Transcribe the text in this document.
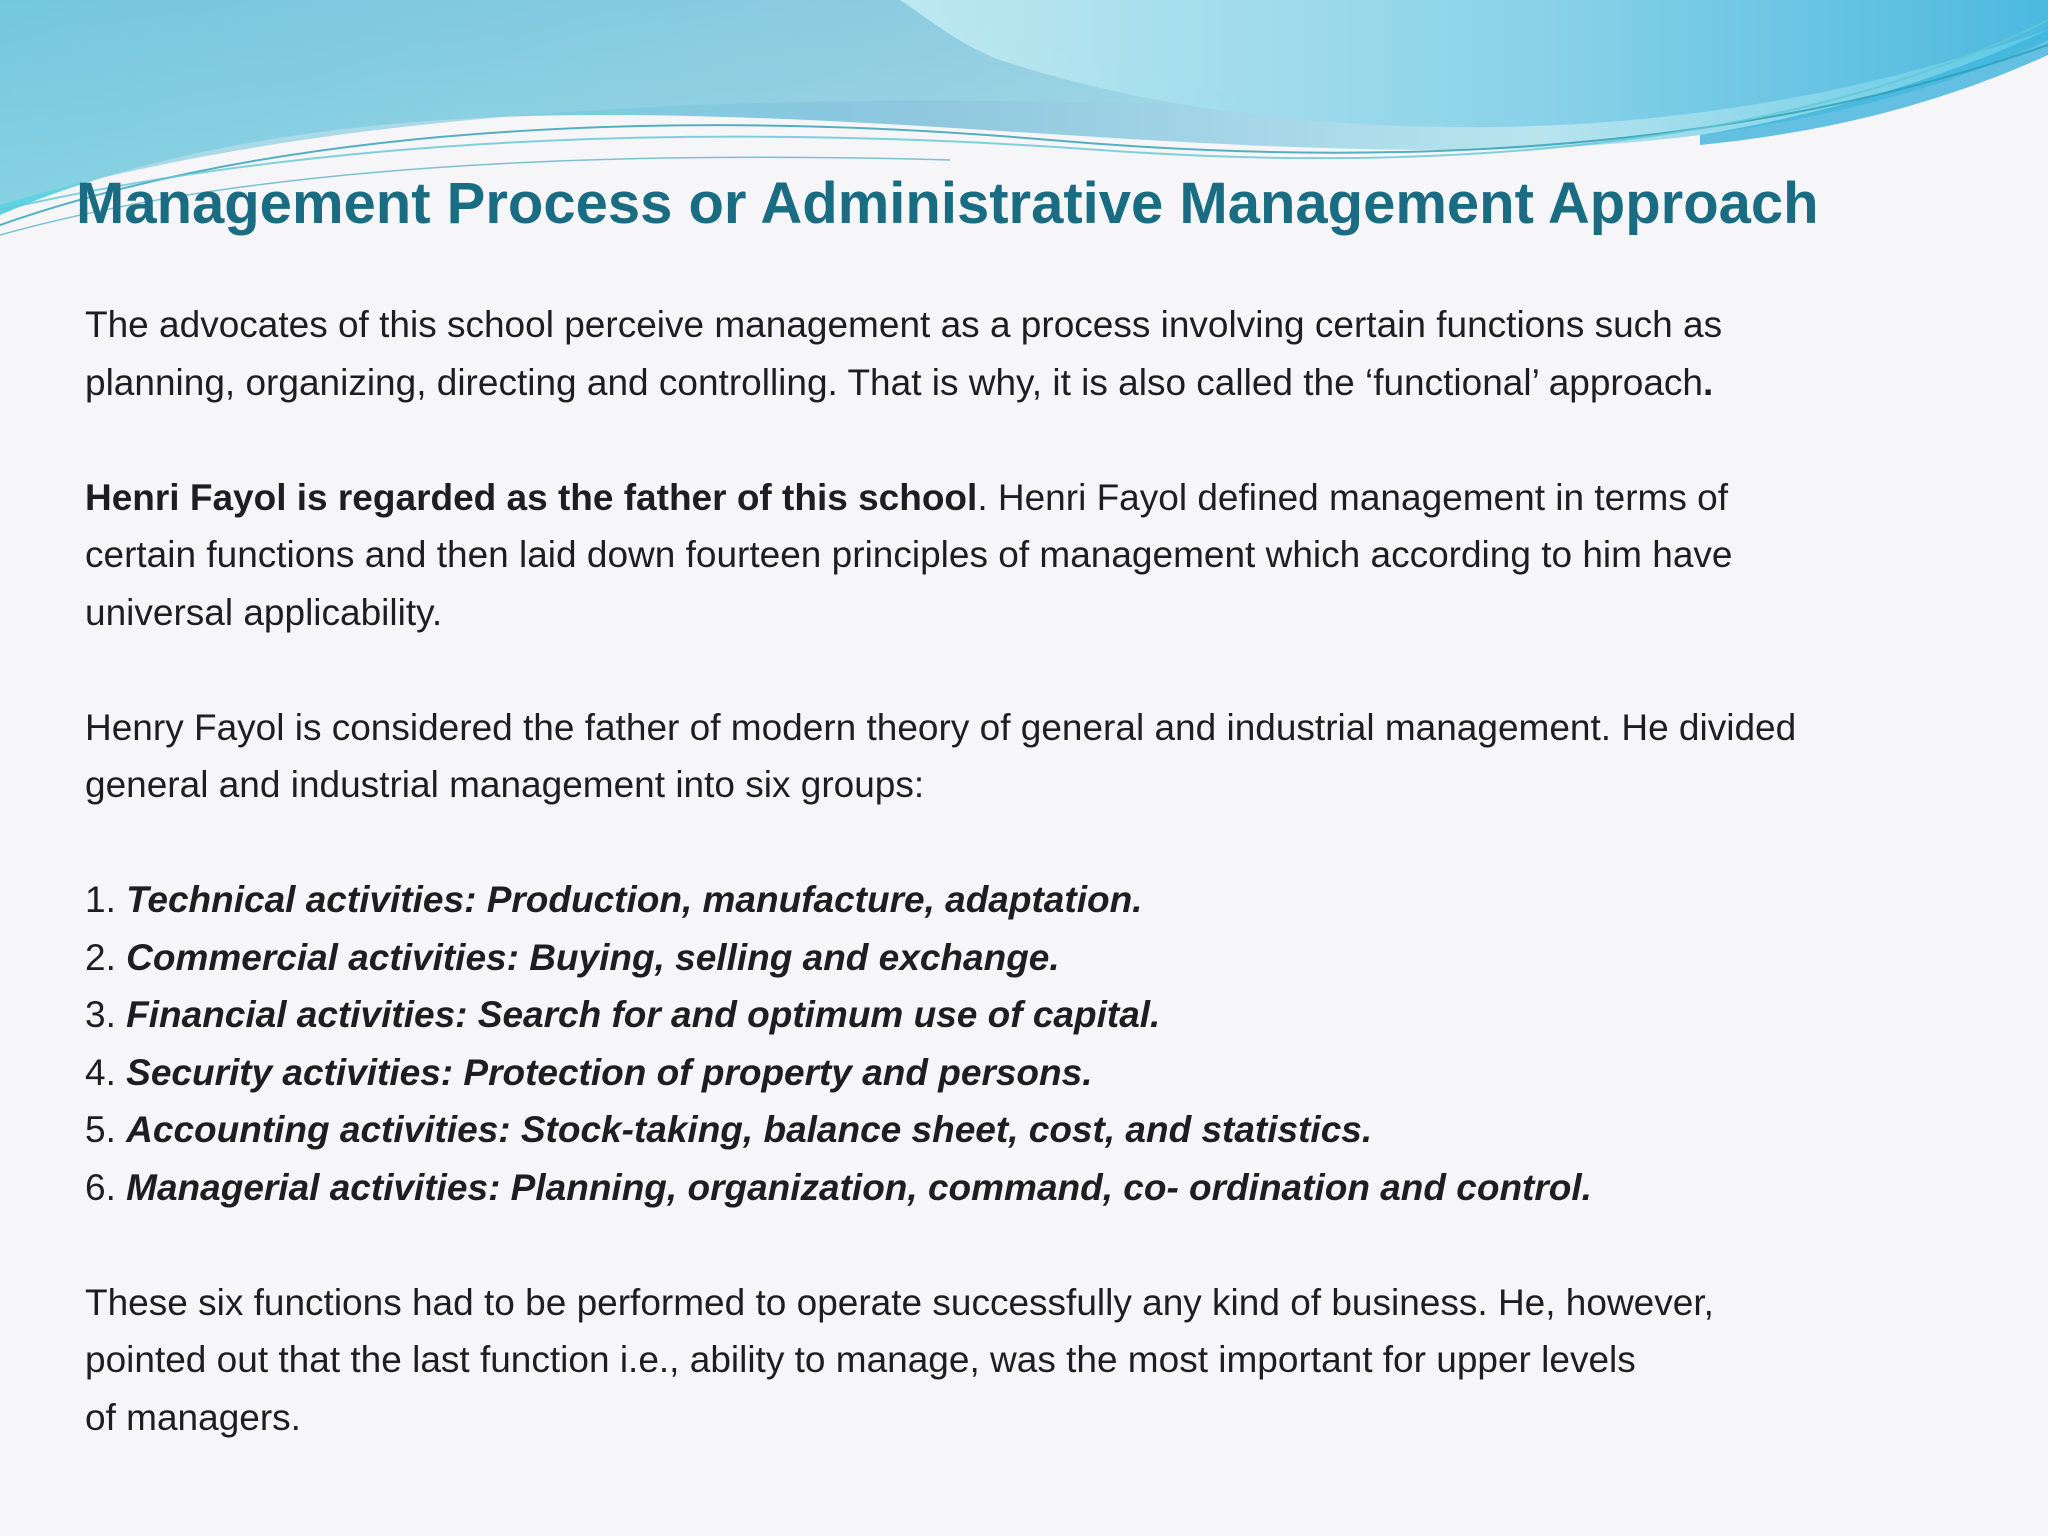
Management Process or Administrative Management Approach

The advocates of this school perceive management as a process involving certain functions such as

planning, organizing, directing and controlling. That is why, it is also called the ‘functional’ approach.

Henri Fayol is regarded as the father of this school. Henri Fayol defined management in terms of

certain functions and then laid down fourteen principles of management which according to him have

universal applicability.

Henry Fayol is considered the father of modern theory of general and industrial management. He divided

general and industrial management into six groups:

1. Technical activities: Production, manufacture, adaptation.
2. Commercial activities: Buying, selling and exchange.
3. Financial activities: Search for and optimum use of capital.
4. Security activities: Protection of property and persons.
5. Accounting activities: Stock-taking, balance sheet, cost, and statistics.
6. Managerial activities: Planning, organization, command, co- ordination and control.

These six functions had to be performed to operate successfully any kind of business. He, however,

pointed out that the last function i.e., ability to manage, was the most important for upper levels

of managers.
